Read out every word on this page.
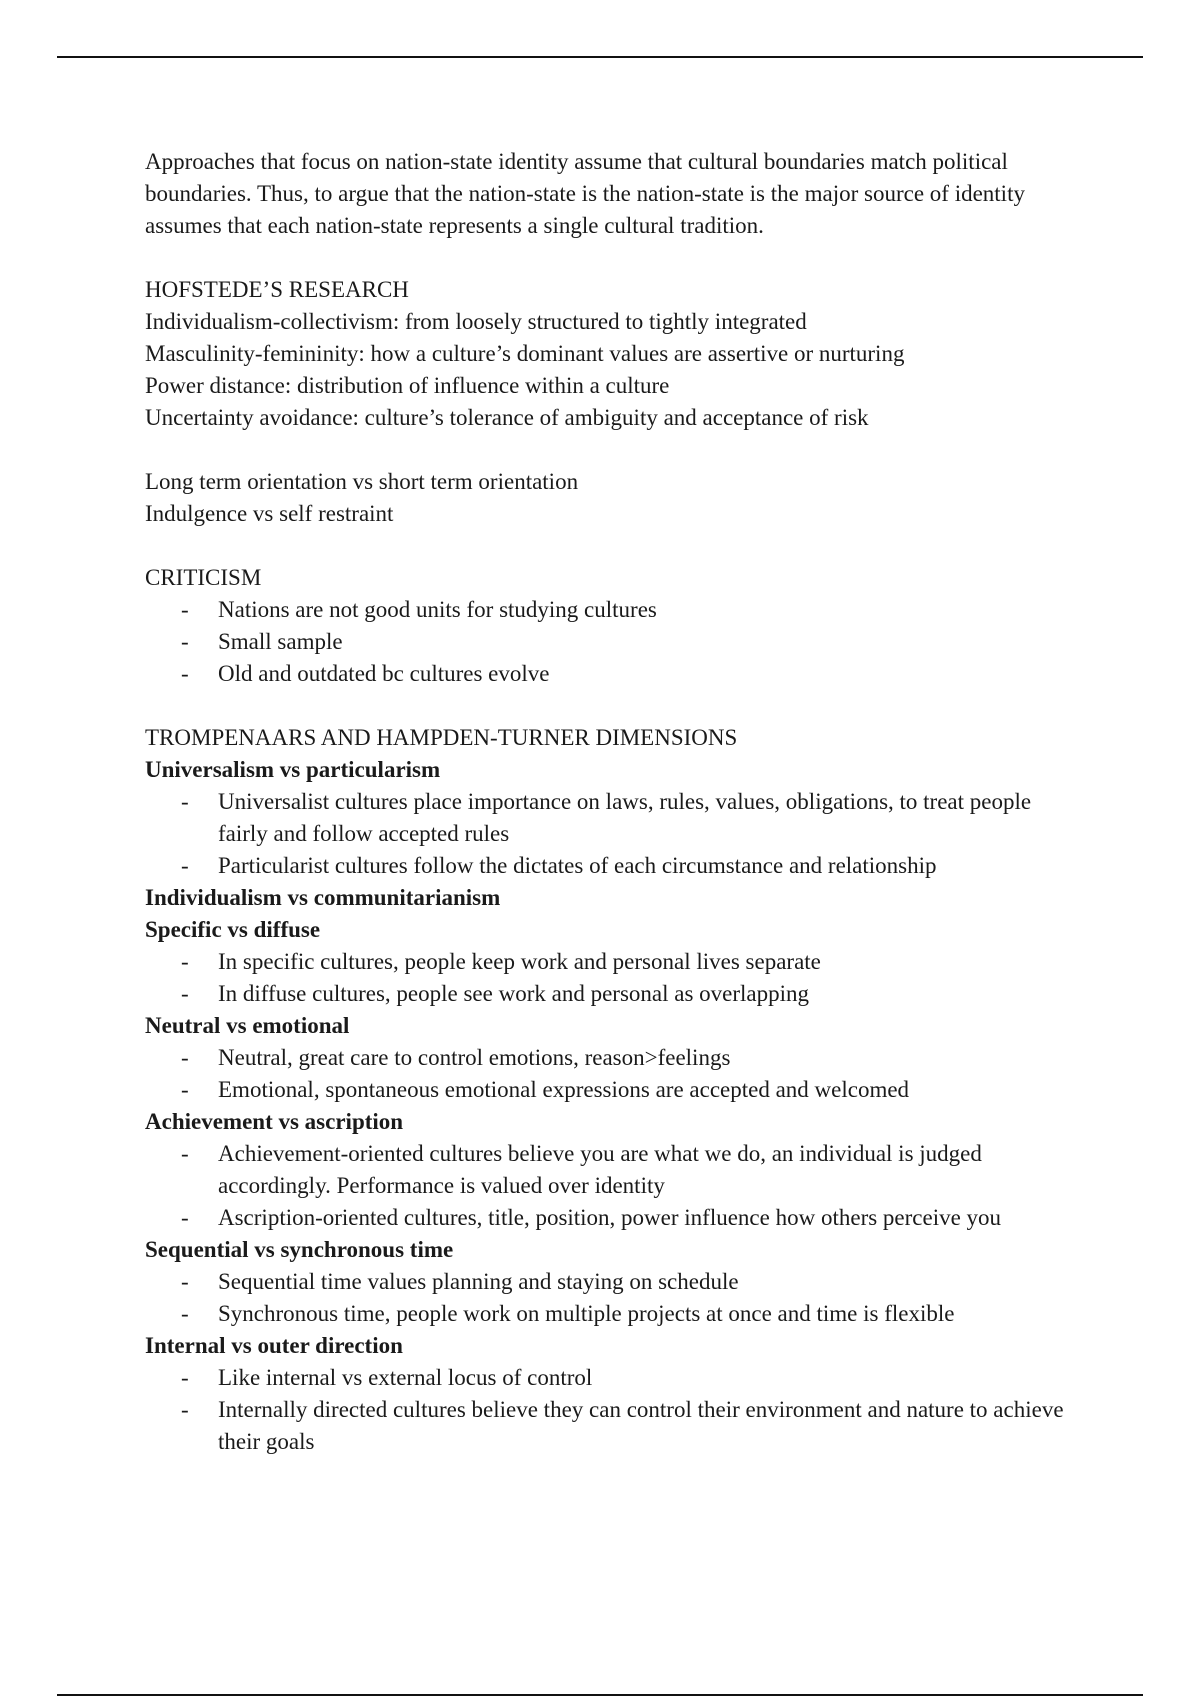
Approaches that focus on nation-state identity assume that cultural boundaries match political boundaries. Thus, to argue that the nation-state is the nation-state is the major source of identity assumes that each nation-state represents a single cultural tradition.

HOFSTEDE’S RESEARCH

Individualism-collectivism: from loosely structured to tightly integrated

Masculinity-femininity: how a culture’s dominant values are assertive or nurturing

Power distance: distribution of influence within a culture

Uncertainty avoidance: culture’s tolerance of ambiguity and acceptance of risk

Long term orientation vs short term orientation

Indulgence vs self restraint

CRITICISM

- Nations are not good units for studying cultures
- Small sample
- Old and outdated bc cultures evolve

TROMPENAARS AND HAMPDEN-TURNER DIMENSIONS

Universalism vs particularism

- Universalist cultures place importance on laws, rules, values, obligations, to treat people fairly and follow accepted rules
- Particularist cultures follow the dictates of each circumstance and relationship

Individualism vs communitarianism

Specific vs diffuse

- In specific cultures, people keep work and personal lives separate
- In diffuse cultures, people see work and personal as overlapping

Neutral vs emotional

- Neutral, great care to control emotions, reason>feelings
- Emotional, spontaneous emotional expressions are accepted and welcomed

Achievement vs ascription

- Achievement-oriented cultures believe you are what we do, an individual is judged accordingly. Performance is valued over identity
- Ascription-oriented cultures, title, position, power influence how others perceive you

Sequential vs synchronous time

- Sequential time values planning and staying on schedule
- Synchronous time, people work on multiple projects at once and time is flexible

Internal vs outer direction

- Like internal vs external locus of control
- Internally directed cultures believe they can control their environment and nature to achieve their goals
